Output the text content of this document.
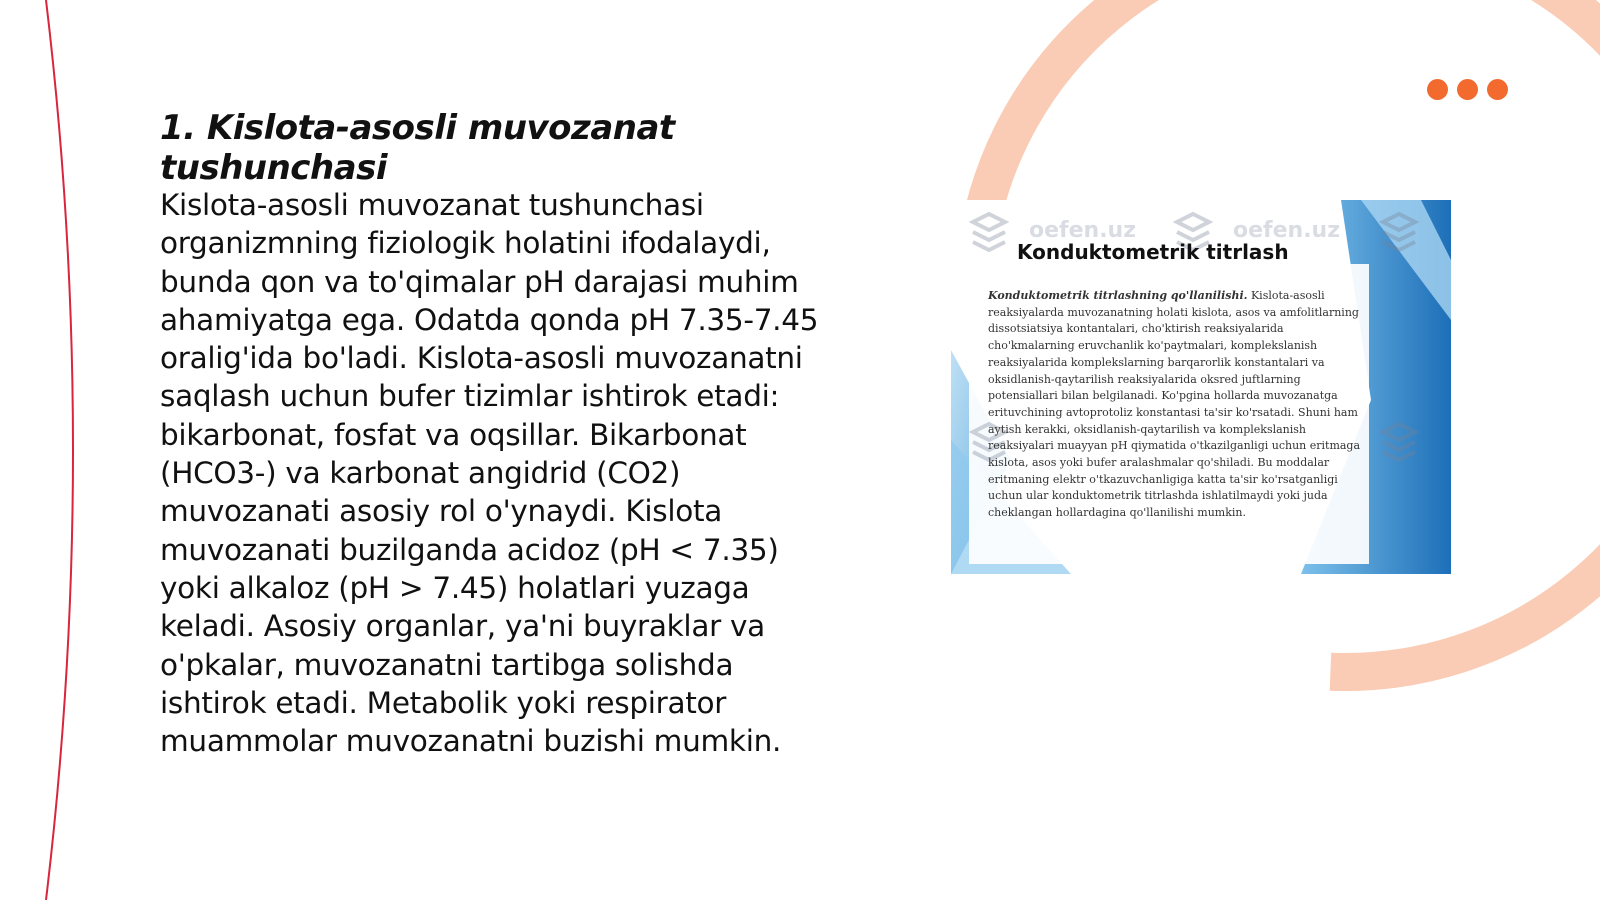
1. Kislota-asosli muvozanat tushunchasi

Kislota-asosli muvozanat tushunchasi organizmning fiziologik holatini ifodalaydi, bunda qon va to'qimalar pH darajasi muhim ahamiyatga ega. Odatda qonda pH 7.35-7.45 oralig'ida bo'ladi. Kislota-asosli muvozanatni saqlash uchun bufer tizimlar ishtirok etadi: bikarbonat, fosfat va oqsillar. Bikarbonat (HCO3-) va karbonat angidrid (CO2) muvozanati asosiy rol o'ynaydi. Kislota muvozanati buzilganda acidoz (pH < 7.35) yoki alkaloz (pH > 7.45) holatlari yuzaga keladi. Asosiy organlar, ya'ni buyraklar va o'pkalar, muvozanatni tartibga solishda ishtirok etadi. Metabolik yoki respirator muammolar muvozanatni buzishi mumkin.

oefen.uz	oefen.uz
Konduktometrik titrlash

Konduktometrik titrlashning qo'llanilishi. Kislota-asosli reaksiyalarda muvozanatning holati kislota, asos va amfolitlarning dissotsiatsiya kontantalari, cho'ktirish reaksiyalarida cho'kmalarning eruvchanlik ko'paytmalari, komplekslanish reaksiyalarida komplekslarning barqarorlik konstantalari va oksidlanish-qaytarilish reaksiyalarida oksred juftlarning potensiallari bilan belgilanadi. Ko'pgina hollarda muvozanatga erituvchining avtoprotoliz konstantasi ta'sir ko'rsatadi. Shuni ham aytish kerakki, oksidlanish-qaytarilish va komplekslanish reaksiyalari muayyan pH qiymatida o'tkazilganligi uchun eritmaga kislota, asos yoki bufer aralashmalar qo'shiladi. Bu moddalar eritmaning elektr o'tkazuvchanligiga katta ta'sir ko'rsatganligi uchun ular konduktometrik titrlashda ishlatilmaydi yoki juda cheklangan hollardagina qo'llanilishi mumkin.
